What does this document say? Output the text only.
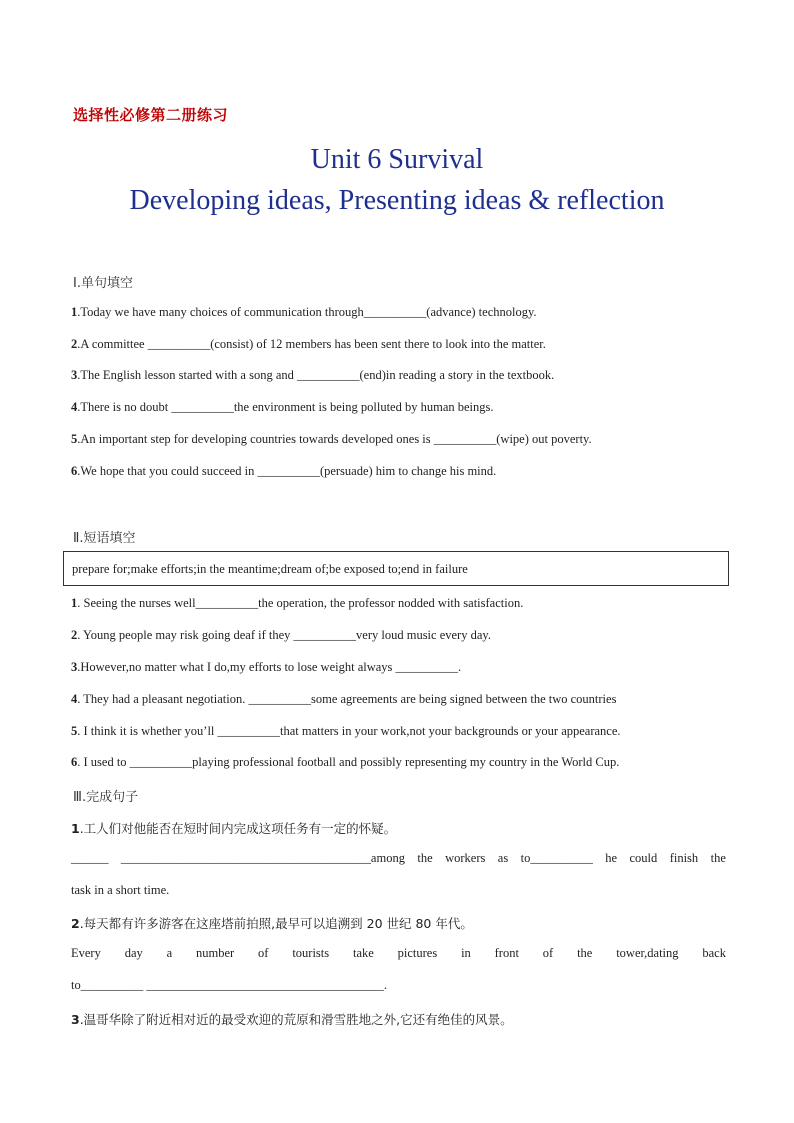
选择性必修第二册练习
Unit 6 Survival
Developing ideas, Presenting ideas & reflection
Ⅰ.单句填空
1.Today we have many choices of communication through__________(advance) technology.
2.A committee __________(consist) of 12 members has been sent there to look into the matter.
3.The English lesson started with a song and __________(end)in reading a story in the textbook.
4.There is no doubt __________the environment is being polluted by human beings.
5.An important step for developing countries towards developed ones is __________(wipe) out poverty.
6.We hope that you could succeed in __________(persuade) him to change his mind.
Ⅱ.短语填空
prepare for;make efforts;in the meantime;dream of;be exposed to;end in failure
1. Seeing the nurses well__________the operation, the professor nodded with satisfaction.
2. Young people may risk going deaf if they __________very loud music every day.
3.However,no matter what I do,my efforts to lose weight always __________.
4. They had a pleasant negotiation. __________some agreements are being signed between the two countries
5. I think it is whether you’ll __________that matters in your work,not your backgrounds or your appearance.
6. I used to __________playing professional football and possibly representing my country in the World Cup.
Ⅲ.完成句子
1.工人们对他能否在短时间内完成这项任务有一定的怀疑。
______ ________________________________________among the workers as to__________ he could finish the
task in a short time.
2.每天都有许多游客在这座塔前拍照,最早可以追溯到 20 世纪 80 年代。
Every day a number of tourists take pictures in front of the tower,dating back
to__________ ______________________________________.
3.温哥华除了附近相对近的最受欢迎的荒原和滑雪胜地之外,它还有绝佳的风景。
